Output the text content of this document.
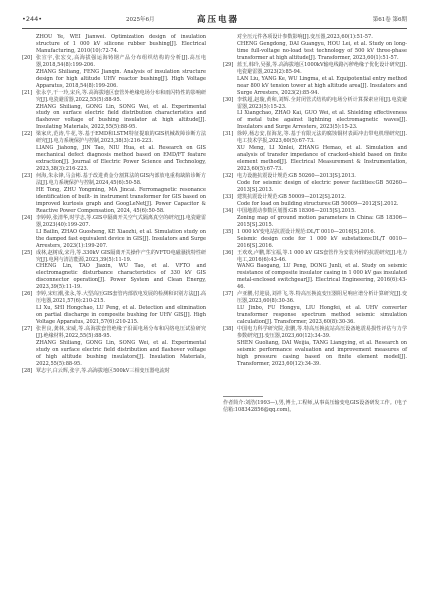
•244•	2025年6月	高压电器	第61卷 第6期
ZHOU Ye, WEI Jianwei. Optimization design of insulation structure of 1 000 kV silicone rubber bushing[J]. Electrical Manufacturing, 2010(10):72-74.
[20] 张宣宇,张宏交,高海拔强运海铸钢产品分布组织结构的分析[J].高压电器,2018,54(8):199-206.
ZHANG Shiliang, FENG Jianqin. Analysis of insulation structure design for high altitude UHV reactor bushing[J]. High Voltage Apparatus, 2018,54(8):199-206.
[21] 张永亨,干一玲,宋兵,等.高海拔地区套管外绝缘电场分布和雨闪特性的影响研究[J].电瓷避雷器,2022,55(5):88-95.
ZHANG Shiliang, GONG Lin, SONG Wei, et al. Experimental study on surface electric field distribution characteristics and flashover voltage of bushing insulator at high altitude[J]. Insulating Materials, 2022,55(5):88-95.
[22] 梁家庆,范涛,牛花,等.基于EMD和LSTM特征提取的GIS机械故障诊断方法研究[J].电力系统保护与控制,2023,38(3):216-223.
LIANG Jiahong, JIN Tao, NIU Hua, et al. Research on GIS mechanical defect diagnosis method based on EMD/FT feature extraction[J]. Journal of Electric Power Science and Technology, 2023,38(3):216-223.
[23] 何海,朱永锋,马会彬.基于改进黄金分割算法的GIS内部放电重构缺陷诊断方法[J].电力系统保护与控制,2024,45(6):50-58.
HE Tong, ZHU Yongming, MA Jincai. Ferromagnetic resonance identification of built- in instrument transformer for GIS based on improved kurtosis graph and GoogLeNet[J]. Power Capacitor & Reactive Power Compensation, 2024, 45(6):50-58.
[24] 李婷婷,张清华,时学志,等.GIS中隔离开关空气式隔离真空的研究[J].电瓷避雷器,2023(40):199-207.
LI Bailin, ZHAO Guosheng, KE Xiaozhi, et al. Simulation study on the damped fast equivalent device in GIS[J]. Insulators and Surge Arresters, 2023(1):199-207.
[25] 成林,赵树成,宋丹,等.330kV GIS隔离开关操作产生的VFTO电磁骚扰特性研究[J].电网与清洁能源,2023,39(5):11-19.
CHENG Lin, TAO Jiaxin, WU Tao, et al. VFTO and electromagnetic disturbance characteristics of 330 kV GIS disconnector operation[J]. Power System and Clean Energy, 2023,39(5):11-19.
[26] 李婷,宋红潮,张永,等.大型高压GIS套管内部放电发展的检测和识别方法[J].高压电器,2021,57(6):210-215.
LI Xu, SHI Hongchao, LU Peng, et al. Detection and elimination on partial discharge in composite bushing for UHV GIS[J]. High Voltage Apparatus, 2021,57(6):210-215.
[27] 张世良,龚林,宋威,等.高海拔套管绝缘子沿面电场分布和闪络电压试验研究[J].绝缘材料,2022,55(5):88-95.
ZHANG Shiliang, GONG Lin, SONG Wei, et al. Experimental study on surface electric field distribution and flashover voltage of high altitude bushing insulators[J]. Insulation Materials, 2022,55(5):88-95.
[28] 覃志宇,白云辉,张宇,等.高海拔地区500kV三相变压器电流时
对全压元件各项设计参数影响[J].变压器,2023,60(1):51-57.
CHENG Gengdong, DAI Guangyu, HOU Lei, et al. Study on long-time full-voltage no-load test technology of 500 kV three-phase transformer at high altitude[J]. Transformer, 2023,60(1):51-57.
[29] 蓝玉,韩玲,吴强,等.高海拔地区1000kV输电线路污秽绝缘子优化设计研究[J].电瓷避雷器,2023(2):85-94.
LAN Liu, YANG Ke, WU Lingma, et al. Equipotential entry method near 800 kV tension tower at high altitude area[J]. Insulators and Surge Arresters, 2023(2):85-94.
[30] 李轶超,赵璇,黄和,刘辉.全封闭管式结构的电场分析计算探索应用[J].电瓷避雷器,2023(5):15-23.
LI Xiangchao, ZHAO Kai, GUO Wei, et al. Shielding effectiveness of metal tube against lightning electromagnetic waves[J]. Insulators and Surge Arresters, 2023(5):15-23.
[31] 徐婷,杨志安,崔海龙,等.基于有限元法的腐蚀铜材表面冲击带电机理研究[J].电工技术学报,2023,60(5):67-73.
XU Meng, LI Xinlei, ZHANG Hemao, et al. Simulation and analysis of transfer impedance of cracked-shield based on finite element method[J]. Electrical Measurement & Instrumentation, 2023,60(5):67-73.
[32] 电力设施抗震设计规范:GB 50260—2013[S].2013.
Code for seismic design of electric power facilities:GB 50260—2013[S].2013.
[33] 建筑抗震设计规范:GB 50009—2012[S].2012.
Code for load on building structures:GB 50009—2012[S].2012.
[34] 中国地震动参数区划图:GB 18306—2015[S].2015.
Zoning map of ground motion parameters in China: GB 18306—2015[S].2015.
[35] 1 000 kV变电站抗震设计规范:DL/T 0010—2016[S].2016.
Seismic design code for 1 000 kV substations:DL/T 0010—2016[S].2016.
[36] 王欢欢,卢鹏,郑宝福,等.1 000 kV GIS套管作为安装外辝的抗震研究[J].电力电工,2016(6):43-46.
WANG Baogang, LU Peng, DONG Junli, et al. Study on seismic resistance of composite insulator casing in 1 000 kV gas insulated metal-enclosed switchgear[J]. Electrical Engineering, 2016(6):43-46.
[37] 卢亚鹏,付迎晨,刘祥飞,等.特高压换流变压器阻尼响应谱分析计算研究[J].变压器,2023,60(8):30-36.
LU Jinbo, FU Hongyu, LIU Hongfei, et al. UHV converter transformer response spectrum method seismic simulation calculation[J]. Transformer, 2023,60(8):30-36.
[38] 中国电力科学研究院,张鹏,等.特高压换流站高压设备地震易损性评估与力学参数研究[J].变压器,2023,60(12):34-39.
SHEN Guoliang, DAI Weijia, TANG Liangying, et al. Research on seismic performance evaluation and improvement measures of high pressure casing based on finite element model[J]. Transformer, 2023,60(12):34-39.
作者简介:刘浩(1993—),男,博士,工程师,从事高压输变电GIS设备研发工作。(电子信箱:108342856@qq.com)。
